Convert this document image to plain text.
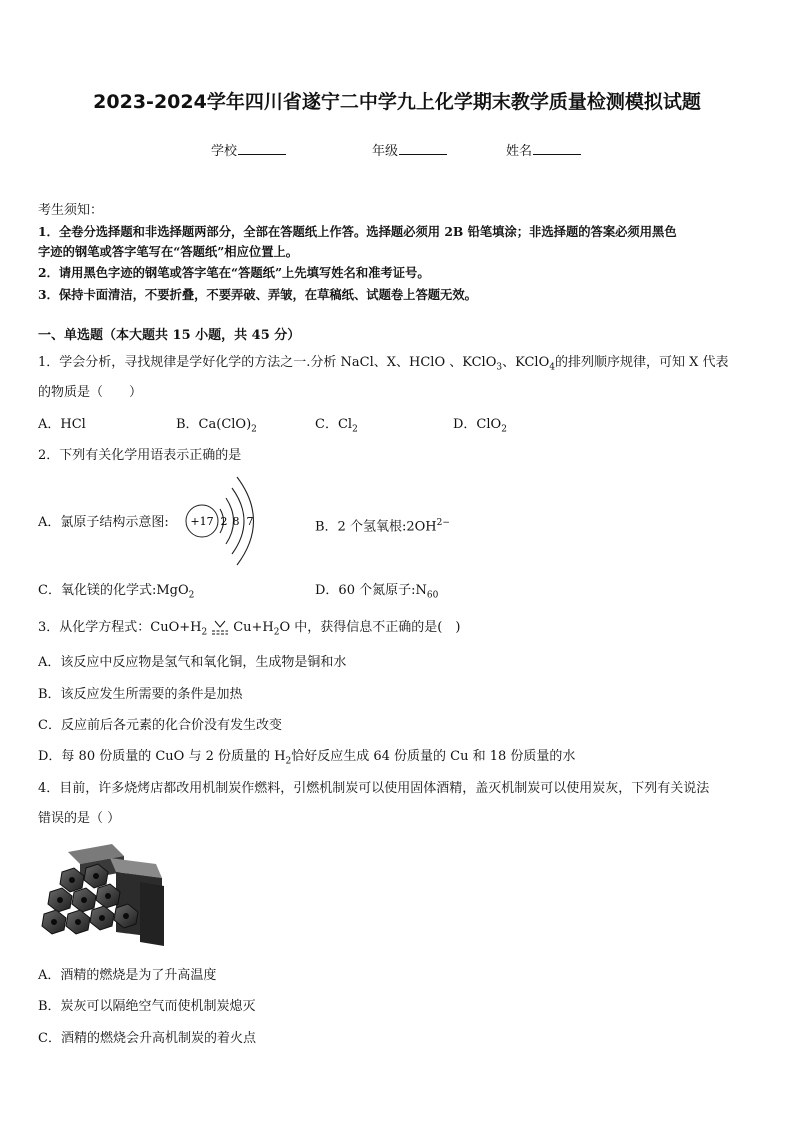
2023-2024学年四川省遂宁二中学九上化学期末教学质量检测模拟试题
学校	年级	姓名
考生须知：
1．全卷分选择题和非选择题两部分，全部在答题纸上作答。选择题必须用 2B 铅笔填涂；非选择题的答案必须用黑色
字迹的钢笔或答字笔写在“答题纸”相应位置上。
2．请用黑色字迹的钢笔或答字笔在“答题纸”上先填写姓名和准考证号。
3．保持卡面清洁，不要折叠，不要弄破、弄皱，在草稿纸、试题卷上答题无效。
一、单选题（本大题共 15 小题，共 45 分）
1．学会分析，寻找规律是学好化学的方法之一.分析 NaCl、X、HClO 、KClO$_3$、KClO$_4$的排列顺序规律，可知 X 代表
的物质是（　　）
A．HCl	B．$Ca(ClO)_2$	C．$Cl_2$	D．ClO$_2$
2．下列有关化学用语表示正确的是
A．氯原子结构示意图: +17 2 8 7	B．2 个氢氧根$:2OH^{2-}$
C．氧化镁的化学式:MgO$_2$	D．60 个氮原子$:N_{60}$
3．从化学方程式：$CuO+H_2$ $Cu+H_2O$ 中，获得信息不正确的是(　)
A．该反应中反应物是氢气和氧化铜，生成物是铜和水
B．该反应发生所需要的条件是加热
C．反应前后各元素的化合价没有发生改变
D．每 80 份质量的 CuO 与 2 份质量的 $H_2$恰好反应生成 64 份质量的 Cu 和 18 份质量的水
4．目前，许多烧烤店都改用机制炭作燃料，引燃机制炭可以使用固体酒精，盖灭机制炭可以使用炭灰，下列有关说法
错误的是（ ）
A．酒精的燃烧是为了升高温度
B．炭灰可以隔绝空气而使机制炭熄灭
C．酒精的燃烧会升高机制炭的着火点
